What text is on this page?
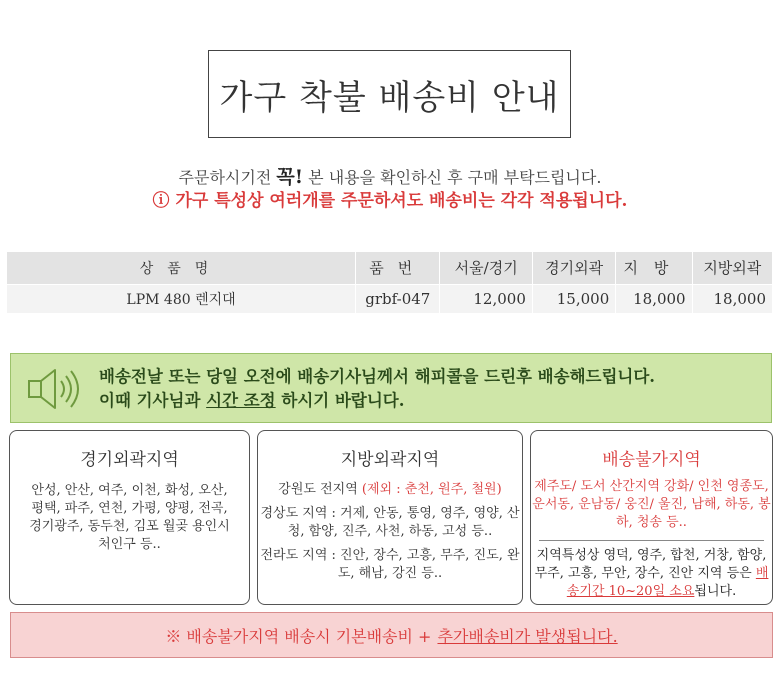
가구 착불 배송비 안내
주문하시기전 꼭! 본 내용을 확인하신 후 구매 부탁드립니다.
ⓘ 가구 특성상 여러개를 주문하셔도 배송비는 각각 적용됩니다.
상품명	품번	서울/경기	경기외곽	지방	지방외곽
LPM 480 렌지대	grbf-047	12,000	15,000	18,000	18,000
배송전날 또는 당일 오전에 배송기사님께서 해피콜을 드린후 배송해드립니다.
이때 기사님과 시간 조정 하시기 바랍니다.
경기외곽지역
안성, 안산, 여주, 이천, 화성, 오산, 평택, 파주, 연천, 가평, 양평, 전곡, 경기광주, 동두천, 김포 월곶 용인시 처인구 등..
지방외곽지역
강원도 전지역 (제외 : 춘천, 원주, 철원)
경상도 지역 : 거제, 안동, 통영, 영주, 영양, 산청, 함양, 진주, 사천, 하동, 고성 등..
전라도 지역 : 진안, 장수, 고흥, 무주, 진도, 완도, 해남, 강진 등..
배송불가지역
제주도/ 도서 산간지역 강화/ 인천 영종도, 운서동, 운남동/ 웅진/ 울진, 남해, 하동, 봉하, 청송 등..
지역특성상 영덕, 영주, 합천, 거창, 함양, 무주, 고흥, 무안, 장수, 진안 지역 등은 배송기간 10~20일 소요됩니다.
※ 배송불가지역 배송시 기본배송비 + 추가배송비가 발생됩니다.
